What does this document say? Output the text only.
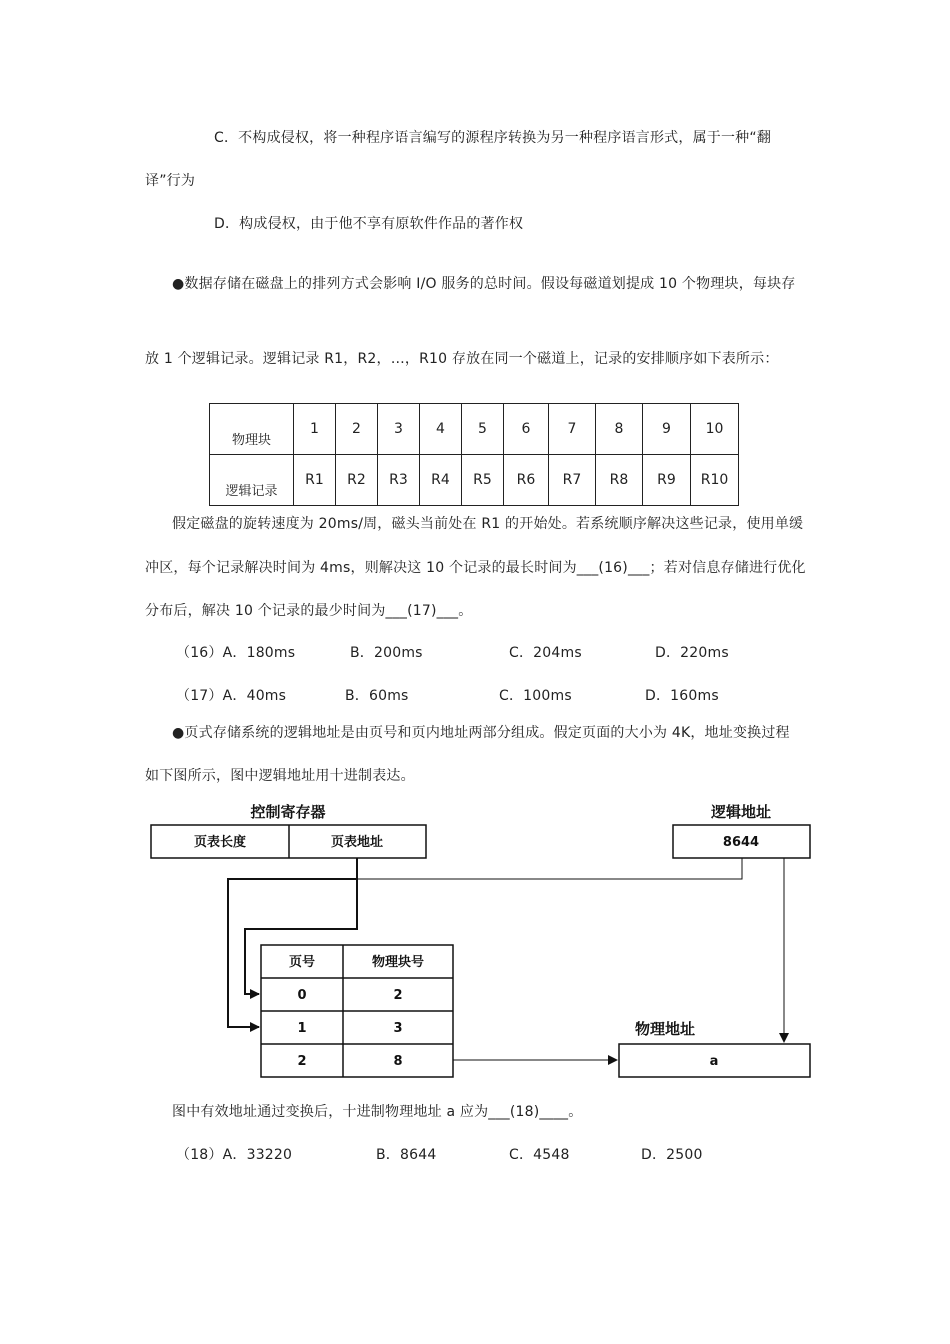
C．不构成侵权，将一种程序语言编写的源程序转换为另一种程序语言形式，属于一种“翻
译”行为
D．构成侵权，由于他不享有原软件作品的著作权
●数据存储在磁盘上的排列方式会影响 I/O 服务的总时间。假设每磁道划提成 10 个物理块，每块存
放 1 个逻辑记录。逻辑记录 R1，R2，…，R10 存放在同一个磁道上，记录的安排顺序如下表所示：
物理块	1	2	3	4	5	6	7	8	9	10
逻辑记录	R1	R2	R3	R4	R5	R6	R7	R8	R9	R10
假定磁盘的旋转速度为 20ms/周，磁头当前处在 R1 的开始处。若系统顺序解决这些记录，使用单缓
冲区，每个记录解决时间为 4ms，则解决这 10 个记录的最长时间为___(16)___；若对信息存储进行优化
分布后，解决 10 个记录的最少时间为___(17)___。
（16）A．180ms	B．200ms	C．204ms	D．220ms
（17）A．40ms	B．60ms	C．100ms	D．160ms
●页式存储系统的逻辑地址是由页号和页内地址两部分组成。假定页面的大小为 4K，地址变换过程
如下图所示，图中逻辑地址用十进制表达。
控制寄存器
页表长度	页表地址
逻辑地址
8644
页号	物理块号
0	2
1	3
2	8
物理地址
a
图中有效地址通过变换后，十进制物理地址 a 应为___(18)____。
（18）A．33220	B．8644	C．4548	D．2500
